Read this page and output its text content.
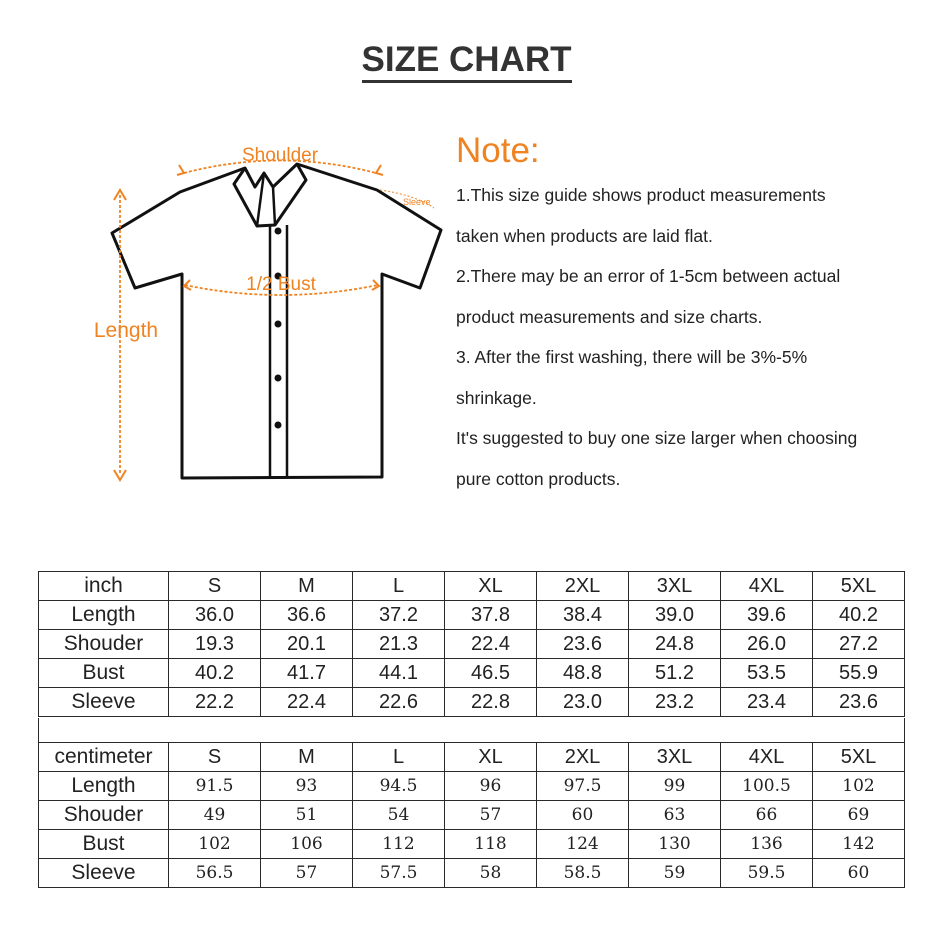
SIZE CHART
Shoulder
Sleeve
1/2 Bust
Length
Note:
1.This size guide shows product measurements
taken when products are laid flat.
2.There may be an error of 1-5cm between actual
product measurements and size charts.
3. After the first washing, there will be 3%-5%
shrinkage.
It's suggested to buy one size larger when choosing
pure cotton products.
inch	S	M	L	XL	2XL	3XL	4XL	5XL
Length	36.0	36.6	37.2	37.8	38.4	39.0	39.6	40.2
Shouder	19.3	20.1	21.3	22.4	23.6	24.8	26.0	27.2
Bust	40.2	41.7	44.1	46.5	48.8	51.2	53.5	55.9
Sleeve	22.2	22.4	22.6	22.8	23.0	23.2	23.4	23.6
centimeter	S	M	L	XL	2XL	3XL	4XL	5XL
Length	91.5	93	94.5	96	97.5	99	100.5	102
Shouder	49	51	54	57	60	63	66	69
Bust	102	106	112	118	124	130	136	142
Sleeve	56.5	57	57.5	58	58.5	59	59.5	60
